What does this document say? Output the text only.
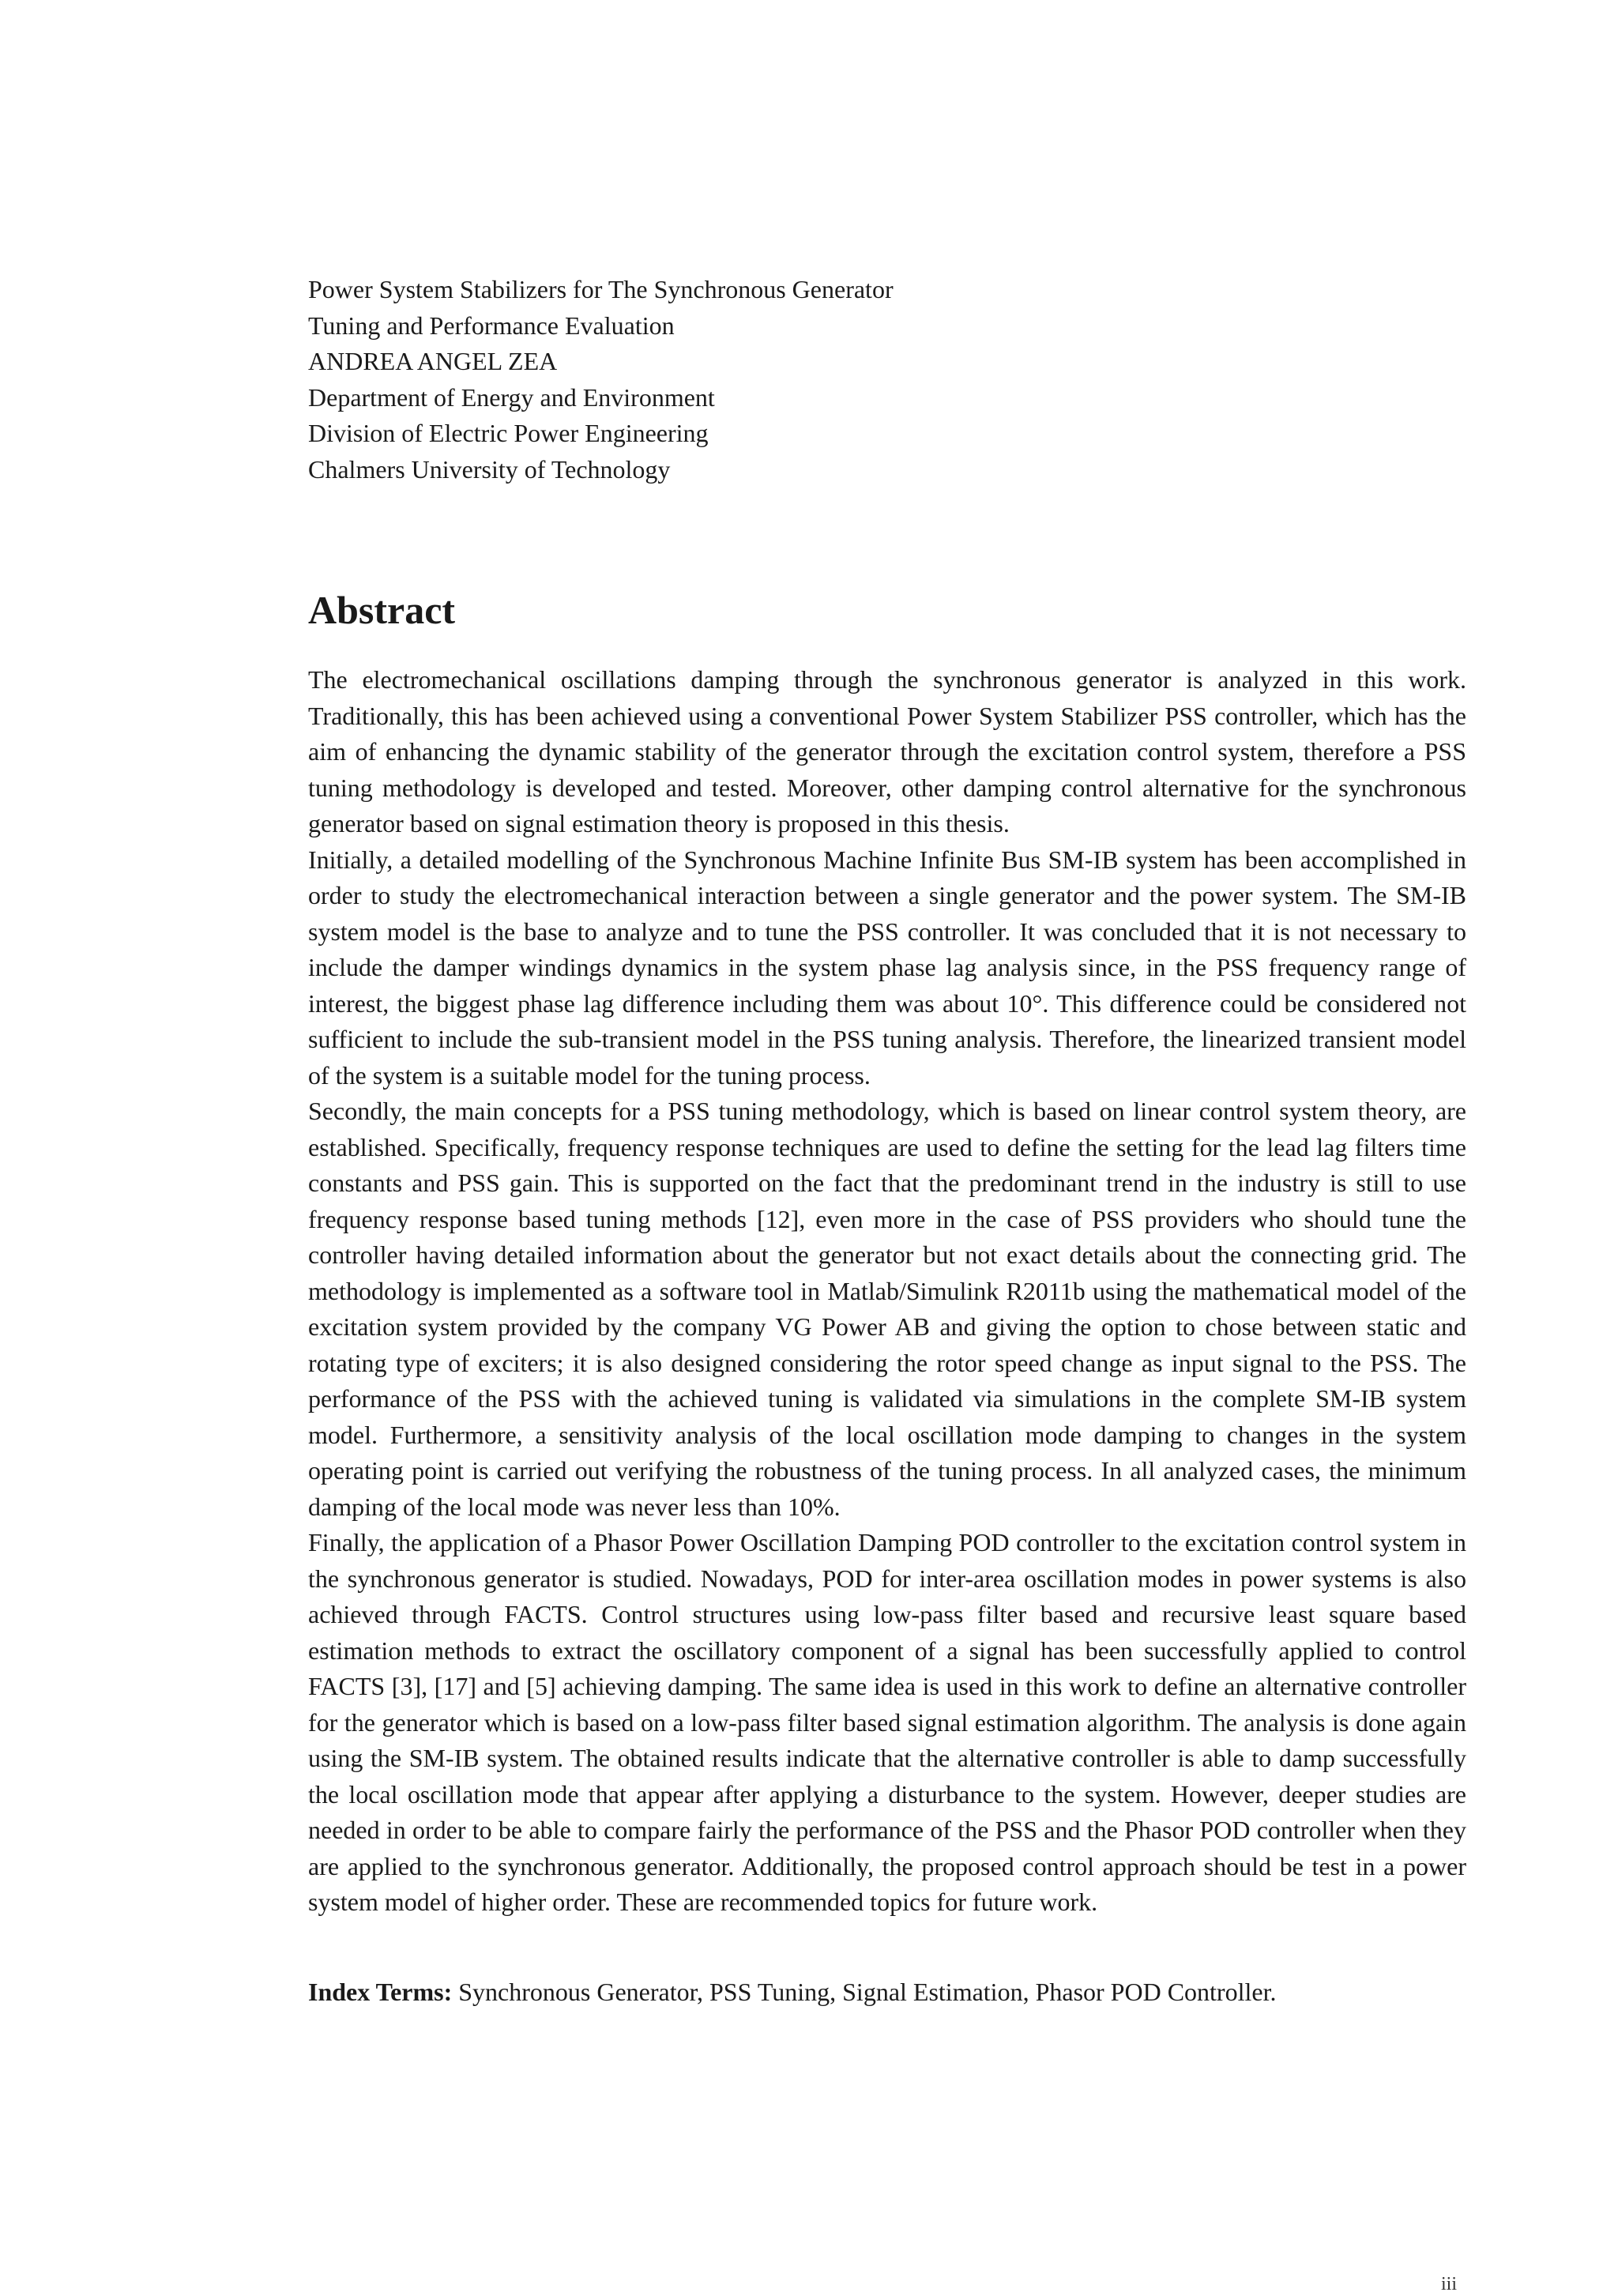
Power System Stabilizers for The Synchronous Generator
Tuning and Performance Evaluation
ANDREA ANGEL ZEA
Department of Energy and Environment
Division of Electric Power Engineering
Chalmers University of Technology
Abstract

The electromechanical oscillations damping through the synchronous generator is analyzed in this work. Traditionally, this has been achieved using a conventional Power System Stabilizer PSS controller, which has the aim of enhancing the dynamic stability of the generator through the excitation control system, therefore a PSS tuning methodology is developed and tested. Moreover, other damping control alternative for the synchronous generator based on signal estimation theory is proposed in this thesis.

Initially, a detailed modelling of the Synchronous Machine Infinite Bus SM-IB system has been accomplished in order to study the electromechanical interaction between a single generator and the power system. The SM-IB system model is the base to analyze and to tune the PSS controller. It was concluded that it is not necessary to include the damper windings dynamics in the system phase lag analysis since, in the PSS frequency range of interest, the biggest phase lag difference including them was about 10°. This difference could be considered not sufficient to include the sub-transient model in the PSS tuning analysis. Therefore, the linearized transient model of the system is a suitable model for the tuning process.

Secondly, the main concepts for a PSS tuning methodology, which is based on linear control system theory, are established. Specifically, frequency response techniques are used to define the setting for the lead lag filters time constants and PSS gain. This is supported on the fact that the predominant trend in the industry is still to use frequency response based tuning methods [12], even more in the case of PSS providers who should tune the controller having detailed information about the generator but not exact details about the connecting grid. The methodology is implemented as a software tool in Matlab/Simulink R2011b using the mathematical model of the excitation system provided by the company VG Power AB and giving the option to chose between static and rotating type of exciters; it is also designed considering the rotor speed change as input signal to the PSS. The performance of the PSS with the achieved tuning is validated via simulations in the complete SM-IB system model. Furthermore, a sensitivity analysis of the local oscillation mode damping to changes in the system operating point is carried out verifying the robustness of the tuning process. In all analyzed cases, the minimum damping of the local mode was never less than 10%.

Finally, the application of a Phasor Power Oscillation Damping POD controller to the excitation control system in the synchronous generator is studied. Nowadays, POD for inter-area oscillation modes in power systems is also achieved through FACTS. Control structures using low-pass filter based and recursive least square based estimation methods to extract the oscillatory component of a signal has been successfully applied to control FACTS [3], [17] and [5] achieving damping. The same idea is used in this work to define an alternative controller for the generator which is based on a low-pass filter based signal estimation algorithm. The analysis is done again using the SM-IB system. The obtained results indicate that the alternative controller is able to damp successfully the local oscillation mode that appear after applying a disturbance to the system. However, deeper studies are needed in order to be able to compare fairly the performance of the PSS and the Phasor POD controller when they are applied to the synchronous generator. Additionally, the proposed control approach should be test in a power system model of higher order. These are recommended topics for future work.

Index Terms: Synchronous Generator, PSS Tuning, Signal Estimation, Phasor POD Controller.

iii
